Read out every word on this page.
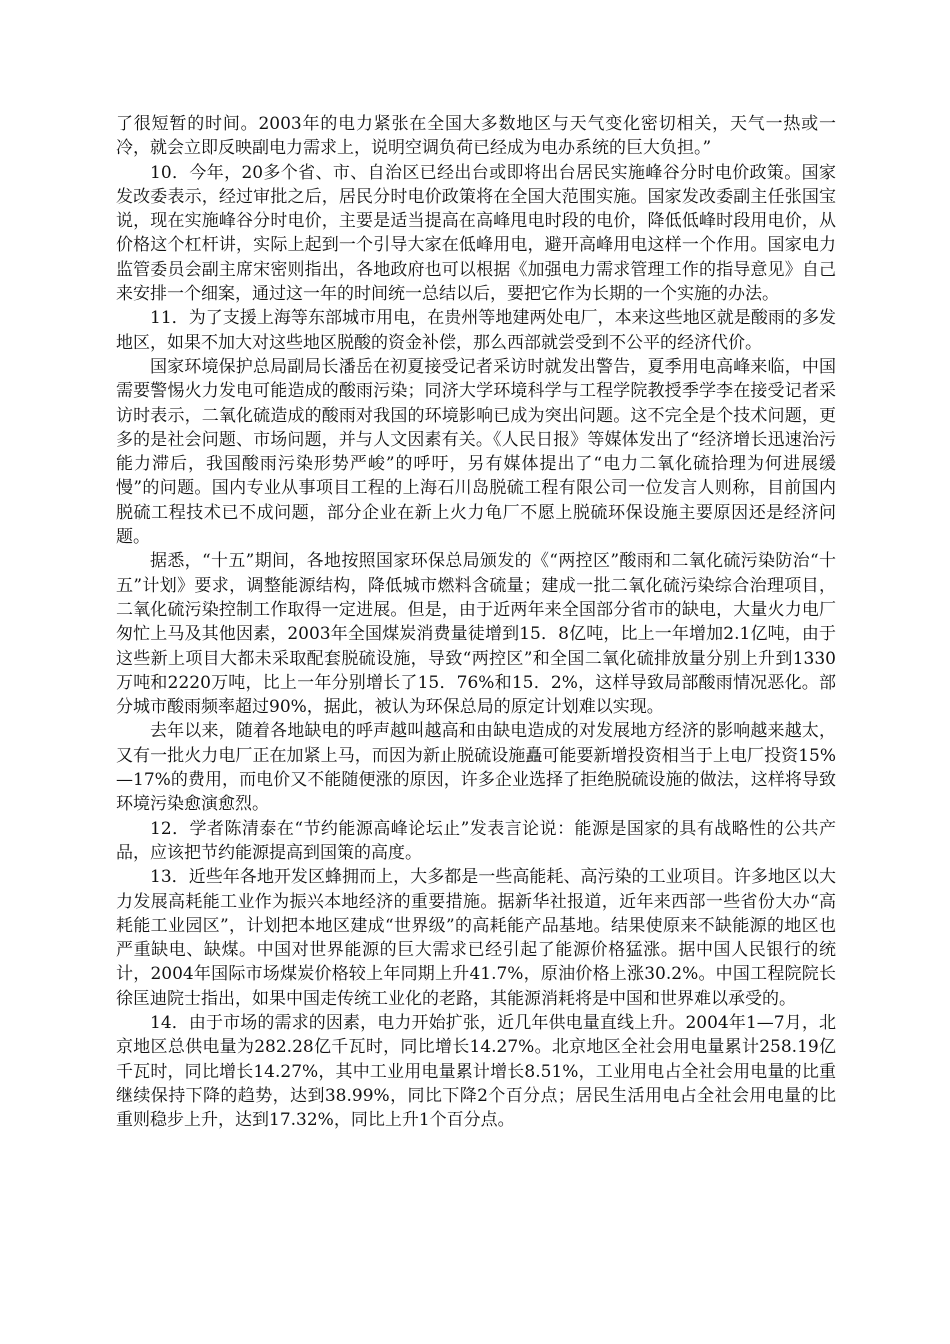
了很短暂的时间。2003年的电力紧张在全国大多数地区与天气变化密切相关，天气一热或一冷，就会立即反映副电力需求上，说明空调负荷已经成为电办系统的巨大负担。”

10．今年，20多个省、市、自治区已经出台或即将出台居民实施峰谷分时电价政策。国家发改委表示，经过审批之后，居民分时电价政策将在全国大范围实施。国家发改委副主任张国宝说，现在实施峰谷分时电价，主要是适当提高在高峰甩电时段的电价，降低低峰时段用电价，从价格这个杠杆讲，实际上起到一个引导大家在低峰用电，避开高峰用电这样一个作用。国家电力监管委员会副主席宋密则指出，各地政府也可以根据《加强电力需求管理工作的指导意见》自己来安排一个细案，通过这一年的时间统一总结以后，要把它作为长期的一个实施的办法。

11．为了支援上海等东部城市用电，在贵州等地建两处电厂，本来这些地区就是酸雨的多发地区，如果不加大对这些地区脱酸的资金补偿，那么西部就尝受到不公平的经济代价。

国家环境保护总局副局长潘岳在初夏接受记者采访时就发出警告，夏季用电高峰来临，中国需要警惕火力发电可能造成的酸雨污染；同济大学环境科学与工程学院教授季学李在接受记者采访时表示，二氧化硫造成的酸雨对我国的环境影响已成为突出问题。这不完全是个技术问题，更多的是社会问题、市场问题，并与人文因素有关。《人民日报》等媒体发出了“经济增长迅速治污能力滞后，我国酸雨污染形势严峻”的呼吁，另有媒体提出了“电力二氧化硫拾理为何进展缓慢”的问题。国内专业从事项目工程的上海石川岛脱硫工程有限公司一位发言人则称，目前国内脱硫工程技术已不成问题，部分企业在新上火力龟厂不愿上脱硫环保设施主要原因还是经济问题。

据悉，“十五”期间，各地按照国家环保总局颁发的《“两控区”酸雨和二氧化硫污染防治“十五”计划》要求，调整能源结构，降低城市燃料含硫量；建成一批二氧化硫污染综合治理项目，二氧化硫污染控制工作取得一定进展。但是，由于近两年来全国部分省市的缺电，大量火力电厂匆忙上马及其他因素，2003年全国煤炭消费量徒增到15．8亿吨，比上一年增加2.1亿吨，由于这些新上项目大都未采取配套脱硫设施，导致“两控区”和全国二氧化硫排放量分别上升到1330万吨和2220万吨，比上一年分别增长了15．76%和15．2%，这样导致局部酸雨情况恶化。部分城市酸雨频率超过90%，据此，被认为环保总局的原定计划难以实现。

去年以来，随着各地缺电的呼声越叫越高和由缺电造成的对发展地方经济的影响越来越太，又有一批火力电厂正在加紧上马，而因为新止脱硫设施矗可能要新增投资相当于上电厂投资15%—17%的费用，而电价又不能随便涨的原因，许多企业选择了拒绝脱硫设施的做法，这样将导致环境污染愈演愈烈。

12．学者陈清泰在“节约能源高峰论坛止”发表言论说：能源是国家的具有战略性的公共产品，应该把节约能源提高到国策的高度。

13．近些年各地开发区蜂拥而上，大多都是一些高能耗、高污染的工业项目。许多地区以大力发展高耗能工业作为振兴本地经济的重要措施。据新华社报道，近年来西部一些省份大办“高耗能工业园区”，计划把本地区建成“世界级”的高耗能产品基地。结果使原来不缺能源的地区也严重缺电、缺煤。中国对世界能源的巨大需求已经引起了能源价格猛涨。据中国人民银行的统计，2004年国际市场煤炭价格较上年同期上升41.7%，原油价格上涨30.2%。中国工程院院长徐匡迪院士指出，如果中国走传统工业化的老路，其能源消耗将是中国和世界难以承受的。

14．由于市场的需求的因素，电力开始扩张，近几年供电量直线上升。2004年1—7月，北京地区总供电量为282.28亿千瓦时，同比增长14.27%。北京地区全社会用电量累计258.19亿千瓦时，同比增长14.27%，其中工业用电量累计增长8.51%，工业用电占全社会用电量的比重继续保持下降的趋势，达到38.99%，同比下降2个百分点；居民生活用电占全社会用电量的比重则稳步上升，达到17.32%，同比上升1个百分点。
